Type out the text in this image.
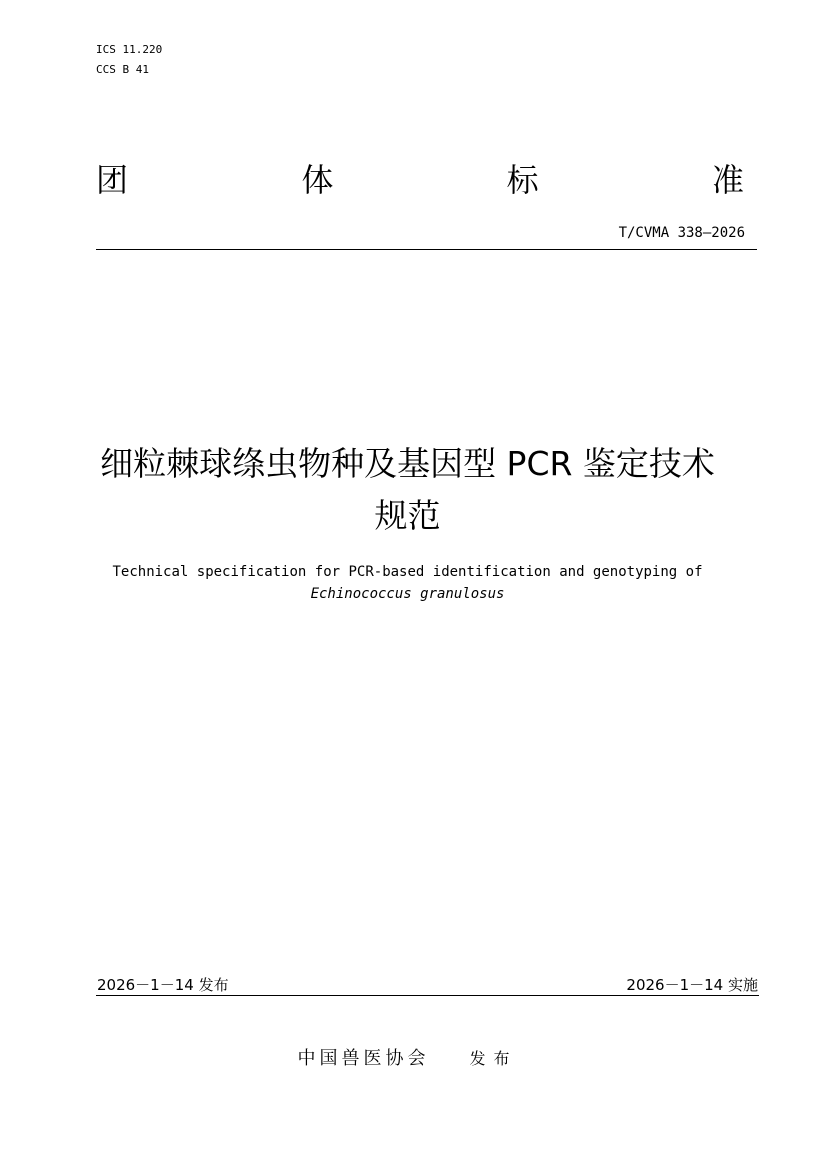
ICS 11.220
CCS B 41
团	体	标	准
T/CVMA 338—2026
细粒棘球绦虫物种及基因型 PCR 鉴定技术
规范
Technical specification for PCR-based identification and genotyping of
Echinococcus granulosus
2026－1－14 发布	2026－1－14 实施
中国兽医协会	发布
